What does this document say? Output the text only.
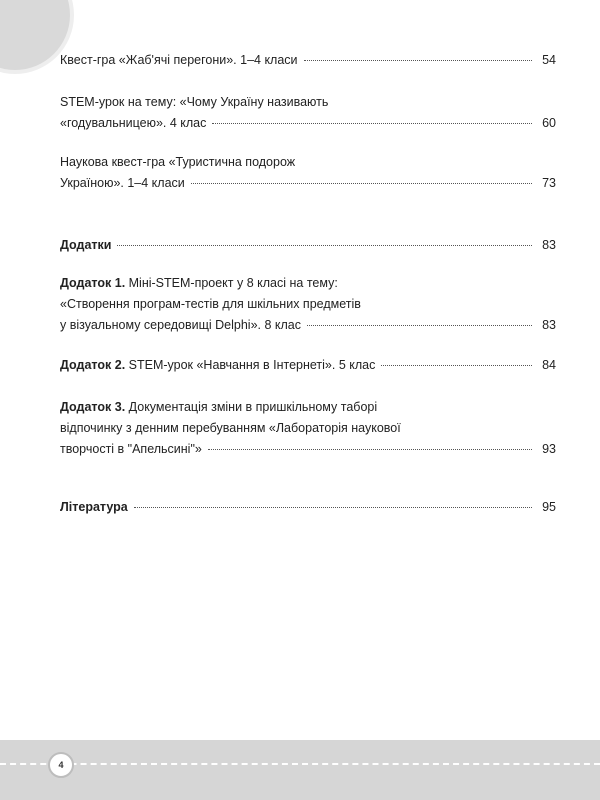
Квест-гра «Жаб'ячі перегони». 1–4 класи	54
STEM-урок на тему: «Чому Україну називають
«годувальницею». 4 клас	60
Наукова квест-гра «Туристична подорож
Україною». 1–4 класи	73
Додатки	83
Додаток 1. Міні-STEM-проект у 8 класі на тему:
«Створення програм-тестів для шкільних предметів
у візуальному середовищі Delphi». 8 клас	83
Додаток 2. STEM-урок «Навчання в Інтернеті». 5 клас	84
Додаток 3. Документація зміни в пришкільному таборі
відпочинку з денним перебуванням «Лабораторія наукової
творчості в "Апельсині"»	93
Література	95
4
